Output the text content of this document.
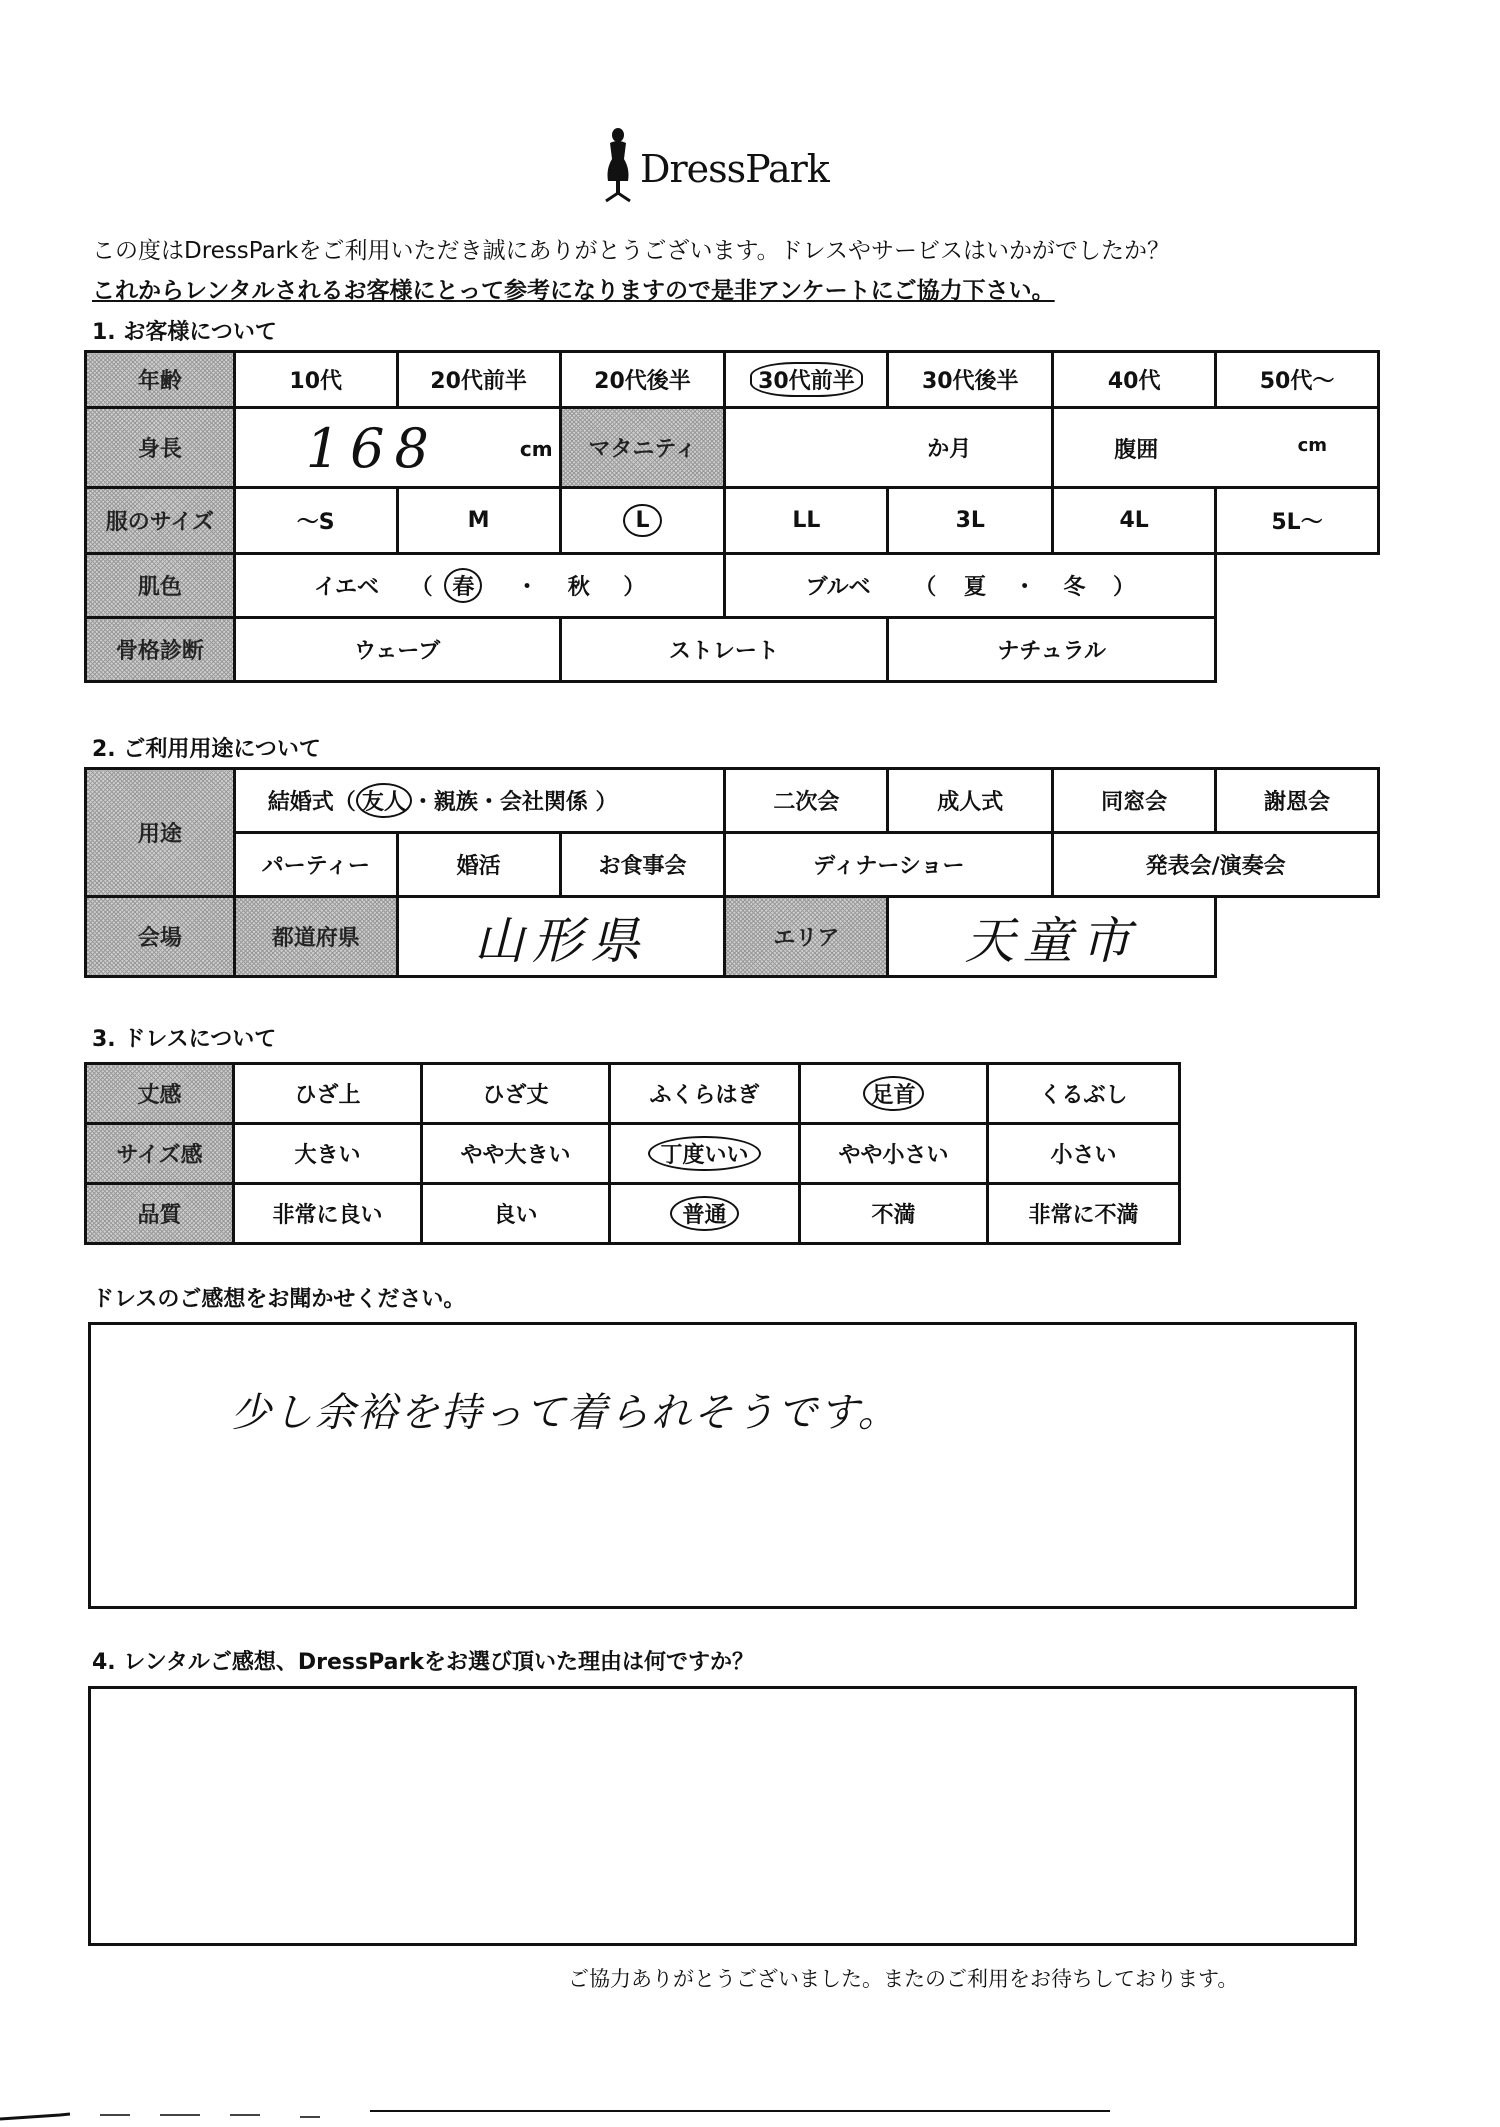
DressPark
この度はDressParkをご利用いただき誠にありがとうございます。ドレスやサービスはいかがでしたか？
これからレンタルされるお客様にとって参考になりますので是非アンケートにご協力下さい。
1. お客様について
年齢	10代	20代前半	20代後半	30代前半	30代後半	40代	50代～
身長	168 cm		マタニティ	か月		腹囲 cm	

服のサイズ	～S	M	L	LL	3L	4L	5L～
肌色	イエベ （ 春 ・ 秋 ）			ブルベ （ 夏 ・ 冬 ）			
骨格診断	ウェーブ		ストレート		ナチュラル		
2. ご利用用途について
用途	結婚式（ 友人 ・親族・会社関係 ）			二次会	成人式	同窓会	謝恩会
	パーティー	婚活	お食事会	ディナーショー		発表会/演奏会	
会場	都道府県	山形県		エリア	天童市		
3. ドレスについて
丈感	ひざ上	ひざ丈	ふくらはぎ	足首	くるぶし
サイズ感	大きい	やや大きい	丁度いい	やや小さい	小さい
品質	非常に良い	良い	普通	不満	非常に不満
ドレスのご感想をお聞かせください。
少し余裕を持って着られそうです。
4. レンタルご感想、DressParkをお選び頂いた理由は何ですか？
ご協力ありがとうございました。またのご利用をお待ちしております。
